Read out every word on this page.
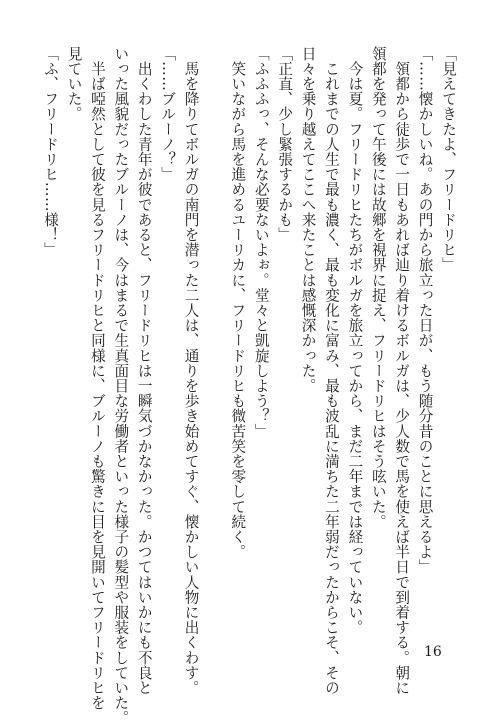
「見えてきたよ、フリードリヒ」
「……懐かしいね。あの門から旅立った日が、もう随分昔のことに思えるよ」
　領都から徒歩で一日もあれば辿り着けるボルガは、少人数で馬を使えば半日で到着する。朝に
領都を発って午後には故郷を視界に捉え、フリードリヒはそう呟いた。
　今は夏。フリードリヒたちがボルガを旅立ってから、まだ二年までは経っていない。
　これまでの人生で最も濃く、最も変化に富み、最も波乱に満ちた二年弱だったからこそ、その
日々を乗り越えてここへ来たことは感慨深かった。
「正直、少し緊張するかも」
「ふふふっ、そんな必要ないよぉ。堂々と凱旋しよう？」
　笑いながら馬を進めるユーリカに、フリードリヒも微苦笑を零して続く。
　馬を降りてボルガの南門を潜った二人は、通りを歩き始めてすぐ、懐かしい人物に出くわす。
「……ブルーノ？」
　出くわした青年が彼であると、フリードリヒは一瞬気づかなかった。かつてはいかにも不良と
いった風貌だったブルーノは、今はまるで生真面目な労働者といった様子の髪型や服装をしていた。
　半ば啞然として彼を見るフリードリヒと同様に、ブルーノも驚きに目を見開いてフリードリヒを
見ていた。
「ふ、フリードリヒ……様！」
16
